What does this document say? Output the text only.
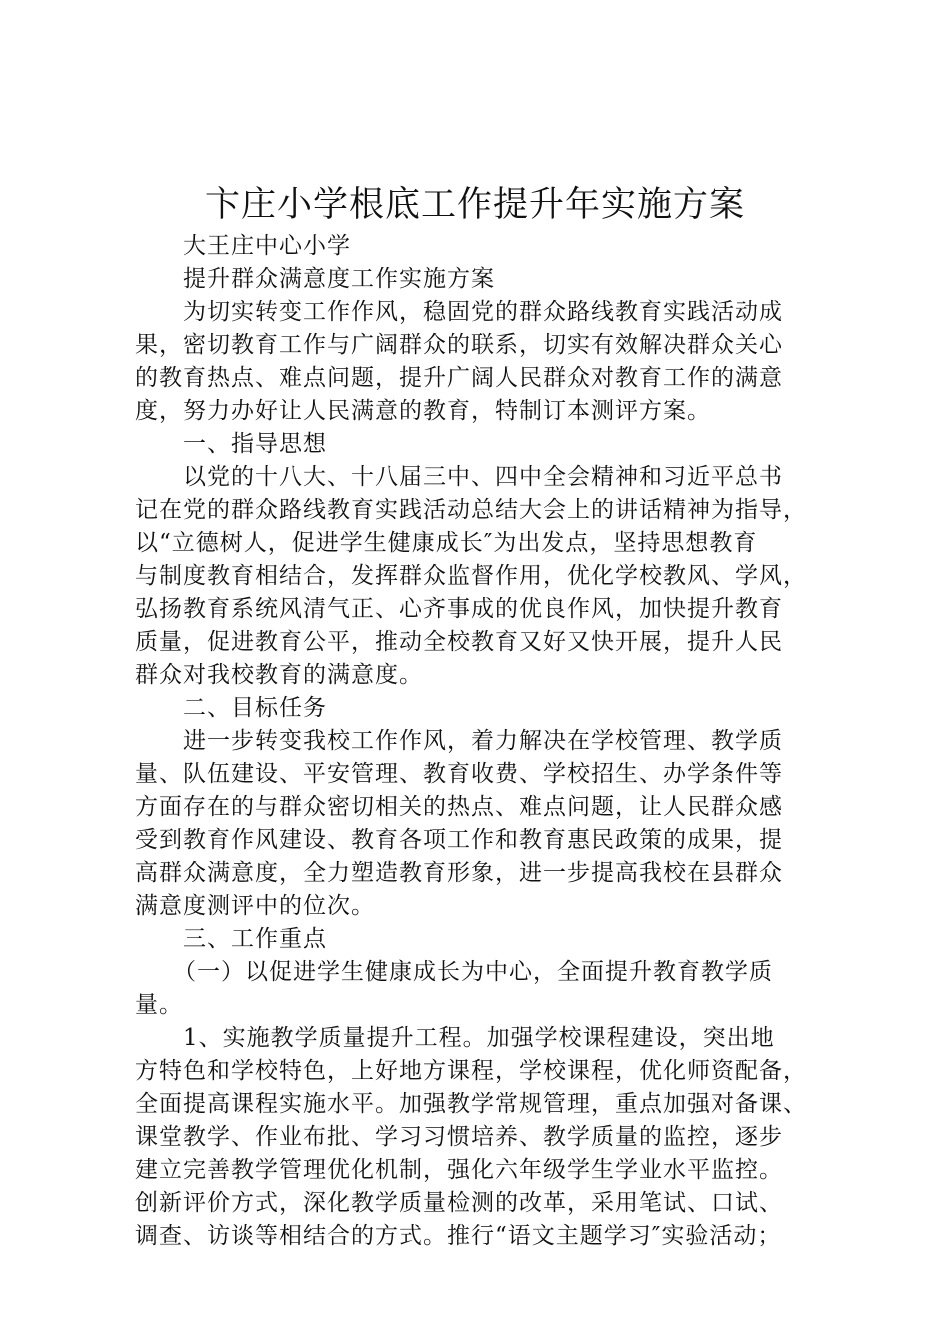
卞庄小学根底工作提升年实施方案
大王庄中心小学
提升群众满意度工作实施方案
为切实转变工作作风，稳固党的群众路线教育实践活动成
果，密切教育工作与广阔群众的联系，切实有效解决群众关心
的教育热点、难点问题，提升广阔人民群众对教育工作的满意
度，努力办好让人民满意的教育，特制订本测评方案。
一、指导思想
以党的十八大、十八届三中、四中全会精神和习近平总书
记在党的群众路线教育实践活动总结大会上的讲话精神为指导，
以“立德树人，促进学生健康成长″为出发点，坚持思想教育
与制度教育相结合，发挥群众监督作用，优化学校教风、学风，
弘扬教育系统风清气正、心齐事成的优良作风，加快提升教育
质量，促进教育公平，推动全校教育又好又快开展，提升人民
群众对我校教育的满意度。
二、目标任务
进一步转变我校工作作风，着力解决在学校管理、教学质
量、队伍建设、平安管理、教育收费、学校招生、办学条件等
方面存在的与群众密切相关的热点、难点问题，让人民群众感
受到教育作风建设、教育各项工作和教育惠民政策的成果，提
高群众满意度，全力塑造教育形象，进一步提高我校在县群众
满意度测评中的位次。
三、工作重点
（一）以促进学生健康成长为中心，全面提升教育教学质
量。
1、实施教学质量提升工程。加强学校课程建设，突出地
方特色和学校特色，上好地方课程，学校课程，优化师资配备，
全面提高课程实施水平。加强教学常规管理，重点加强对备课、
课堂教学、作业布批、学习习惯培养、教学质量的监控，逐步
建立完善教学管理优化机制，强化六年级学生学业水平监控。
创新评价方式，深化教学质量检测的改革，采用笔试、口试、
调查、访谈等相结合的方式。推行“语文主题学习″实验活动；
